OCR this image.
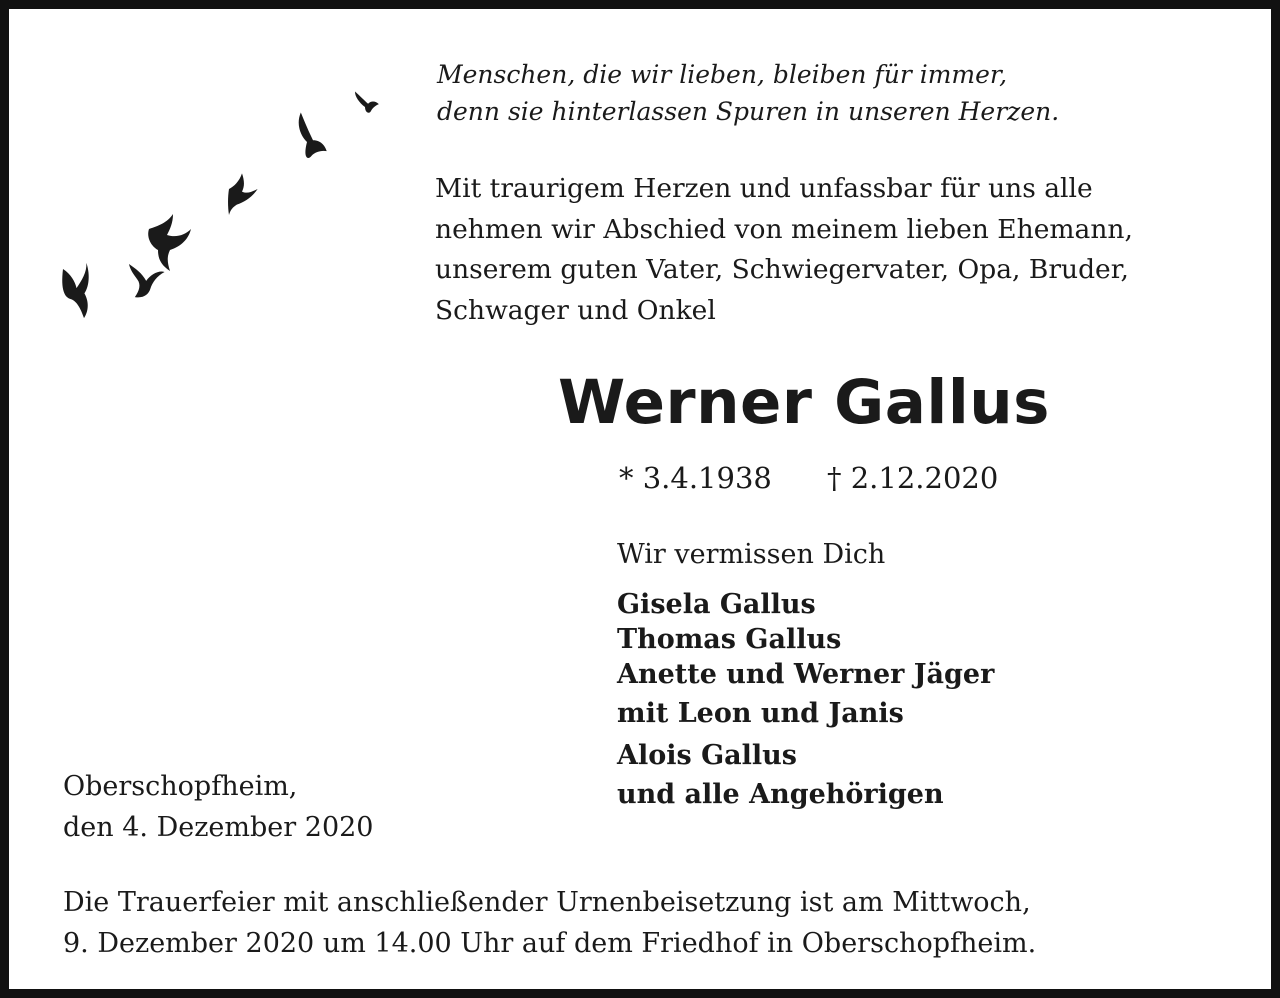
Menschen, die wir lieben, bleiben für immer,
denn sie hinterlassen Spuren in unseren Herzen.
Mit traurigem Herzen und unfassbar für uns alle
nehmen wir Abschied von meinem lieben Ehemann,
unserem guten Vater, Schwiegervater, Opa, Bruder,
Schwager und Onkel
Werner Gallus
* 3.4.1938 † 2.12.2020
Wir vermissen Dich
Gisela Gallus
Thomas Gallus
Anette und Werner Jäger
mit Leon und Janis
Alois Gallus
und alle Angehörigen
Oberschopfheim,
den 4. Dezember 2020
Die Trauerfeier mit anschließender Urnenbeisetzung ist am Mittwoch,
9. Dezember 2020 um 14.00 Uhr auf dem Friedhof in Oberschopfheim.
